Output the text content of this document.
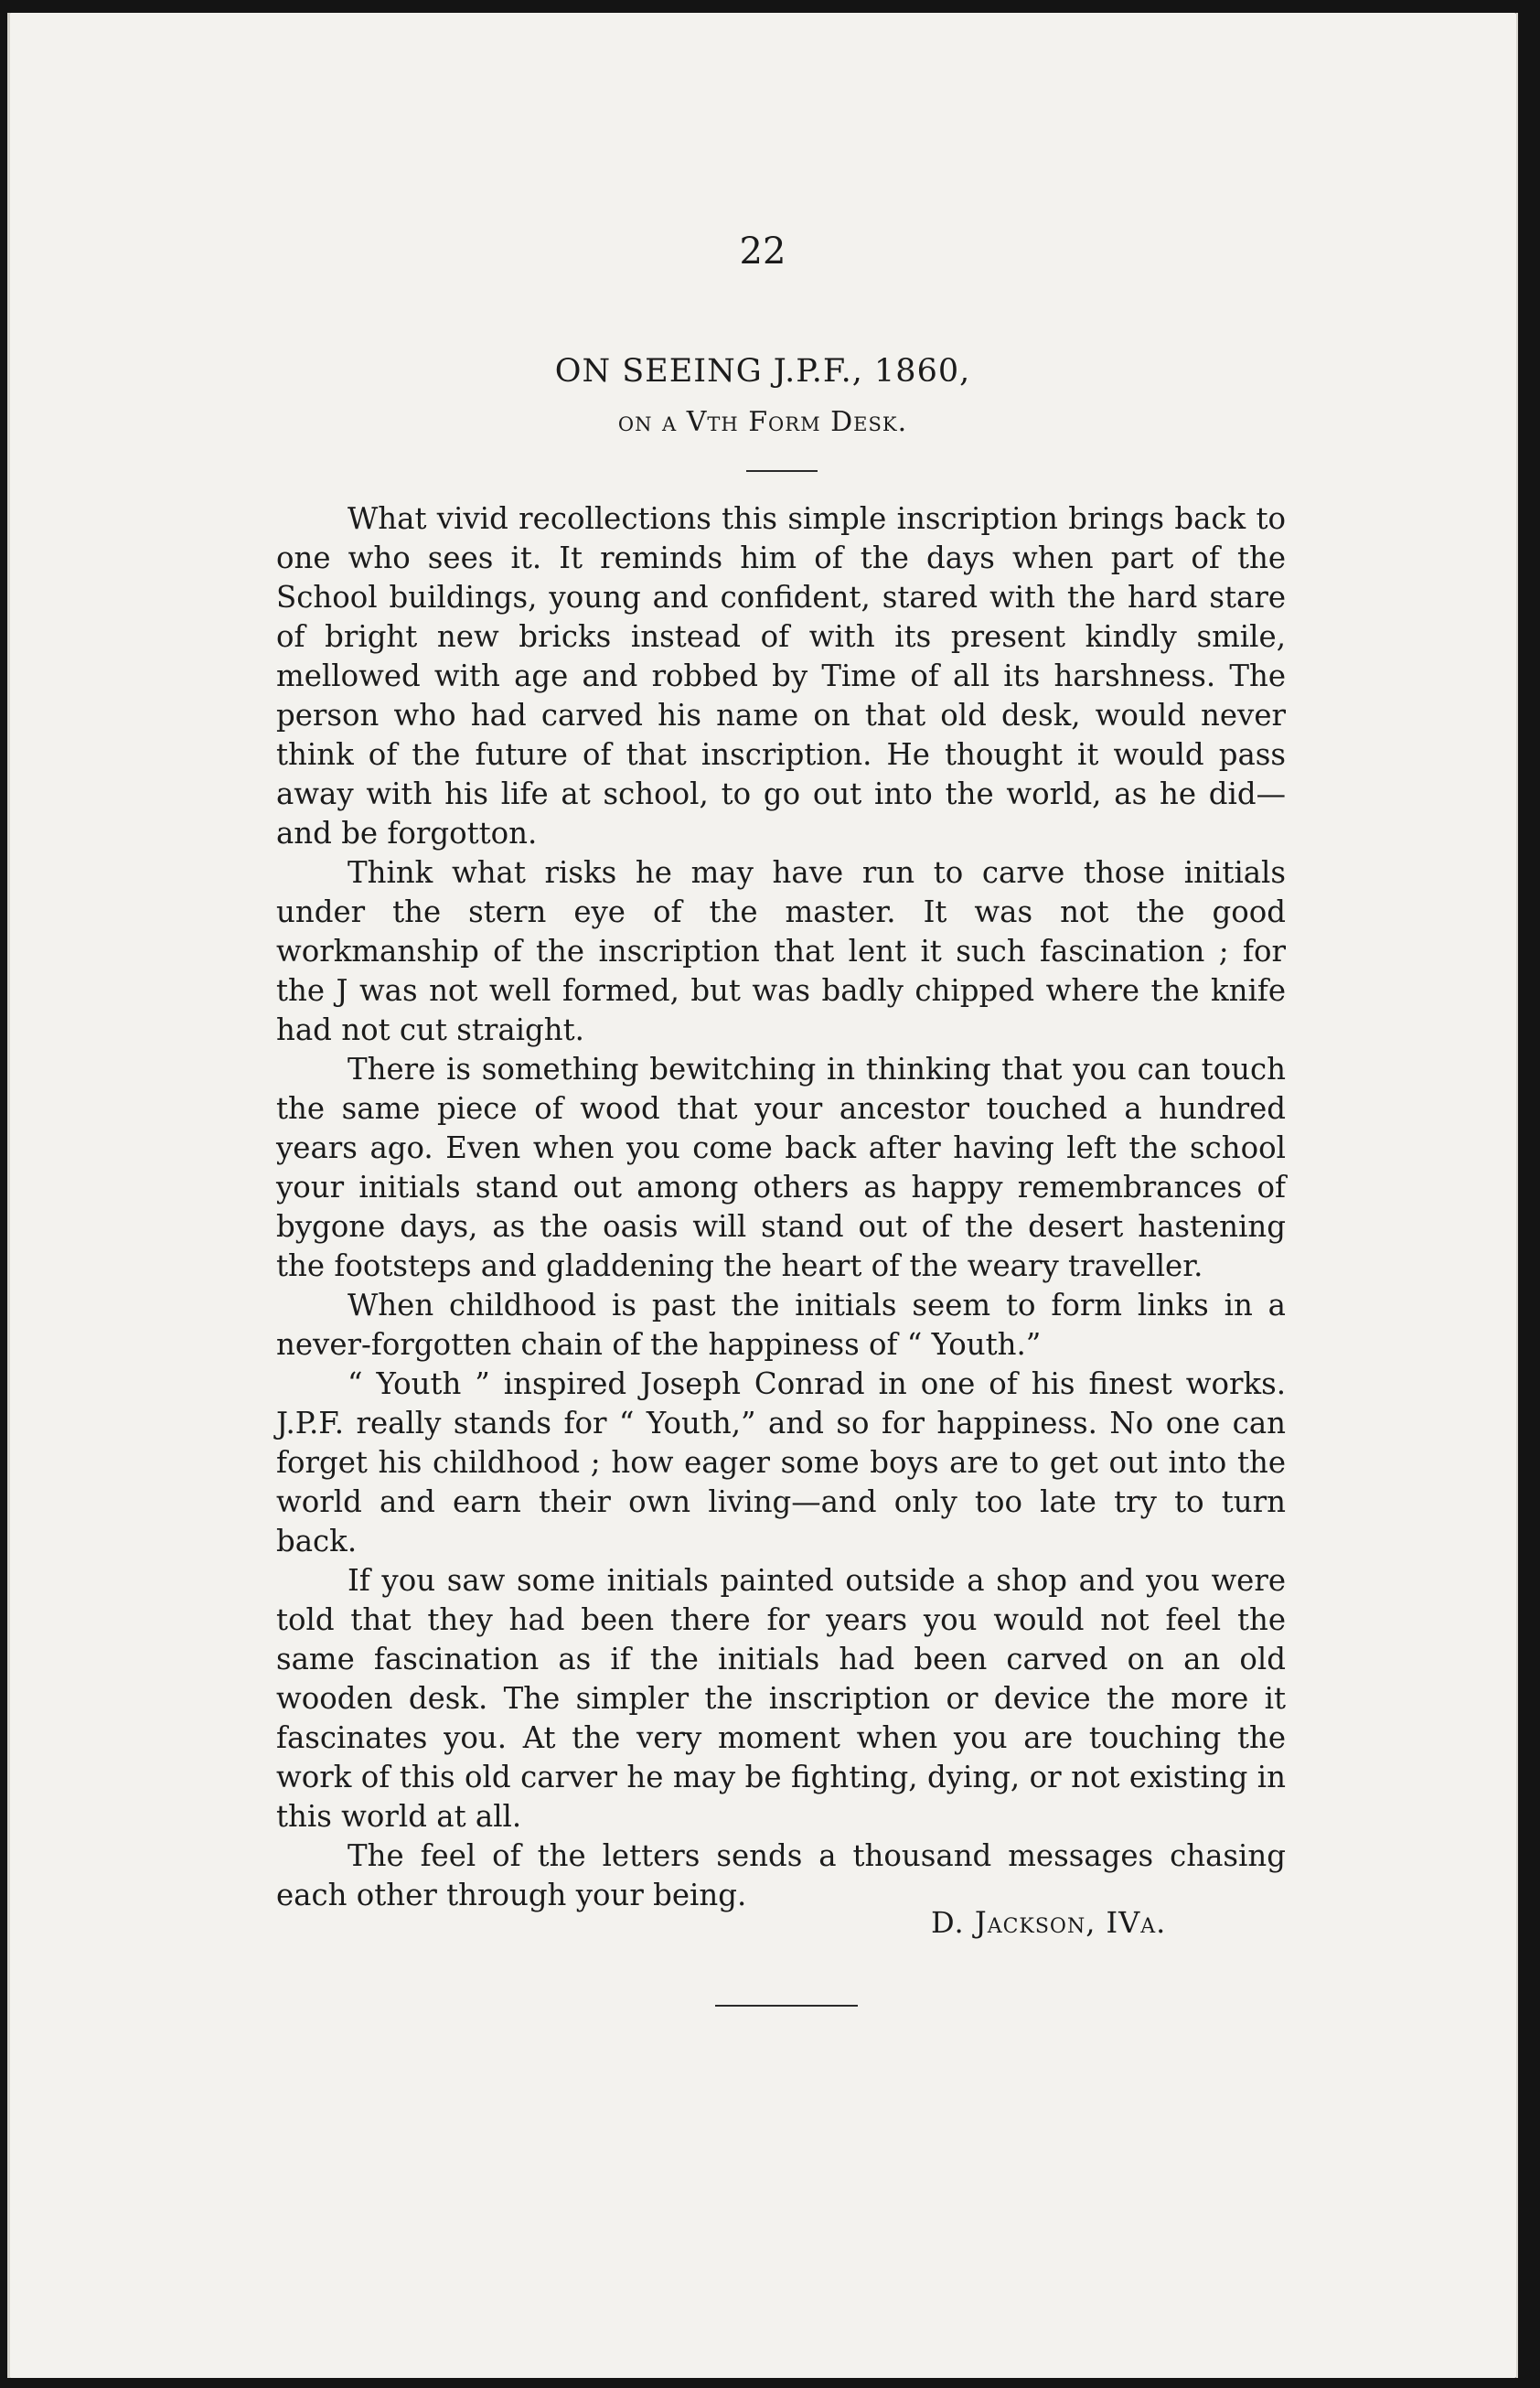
22
ON SEEING J.P.F., 1860,
on a Vth Form Desk.

What vivid recollections this simple inscription brings back to one who sees it. It reminds him of the days when part of the School buildings, young and confident, stared with the hard stare of bright new bricks instead of with its present kindly smile, mellowed with age and robbed by Time of all its harshness. The person who had carved his name on that old desk, would never think of the future of that inscription. He thought it would pass away with his life at school, to go out into the world, as he did—and be forgotton.

Think what risks he may have run to carve those initials under the stern eye of the master. It was not the good workmanship of the inscription that lent it such fascination ; for the J was not well formed, but was badly chipped where the knife had not cut straight.

There is something bewitching in thinking that you can touch the same piece of wood that your ancestor touched a hundred years ago. Even when you come back after having left the school your initials stand out among others as happy remembrances of bygone days, as the oasis will stand out of the desert hastening the footsteps and gladdening the heart of the weary traveller.

When childhood is past the initials seem to form links in a never-forgotten chain of the happiness of “ Youth.”

“ Youth ” inspired Joseph Conrad in one of his finest works. J.P.F. really stands for “ Youth,” and so for happiness. No one can forget his childhood ; how eager some boys are to get out into the world and earn their own living—and only too late try to turn back.

If you saw some initials painted outside a shop and you were told that they had been there for years you would not feel the same fascination as if the initials had been carved on an old wooden desk. The simpler the inscription or device the more it fascinates you. At the very moment when you are touching the work of this old carver he may be fighting, dying, or not existing in this world at all.

The feel of the letters sends a thousand messages chasing each other through your being.

D. Jackson, IVa.
